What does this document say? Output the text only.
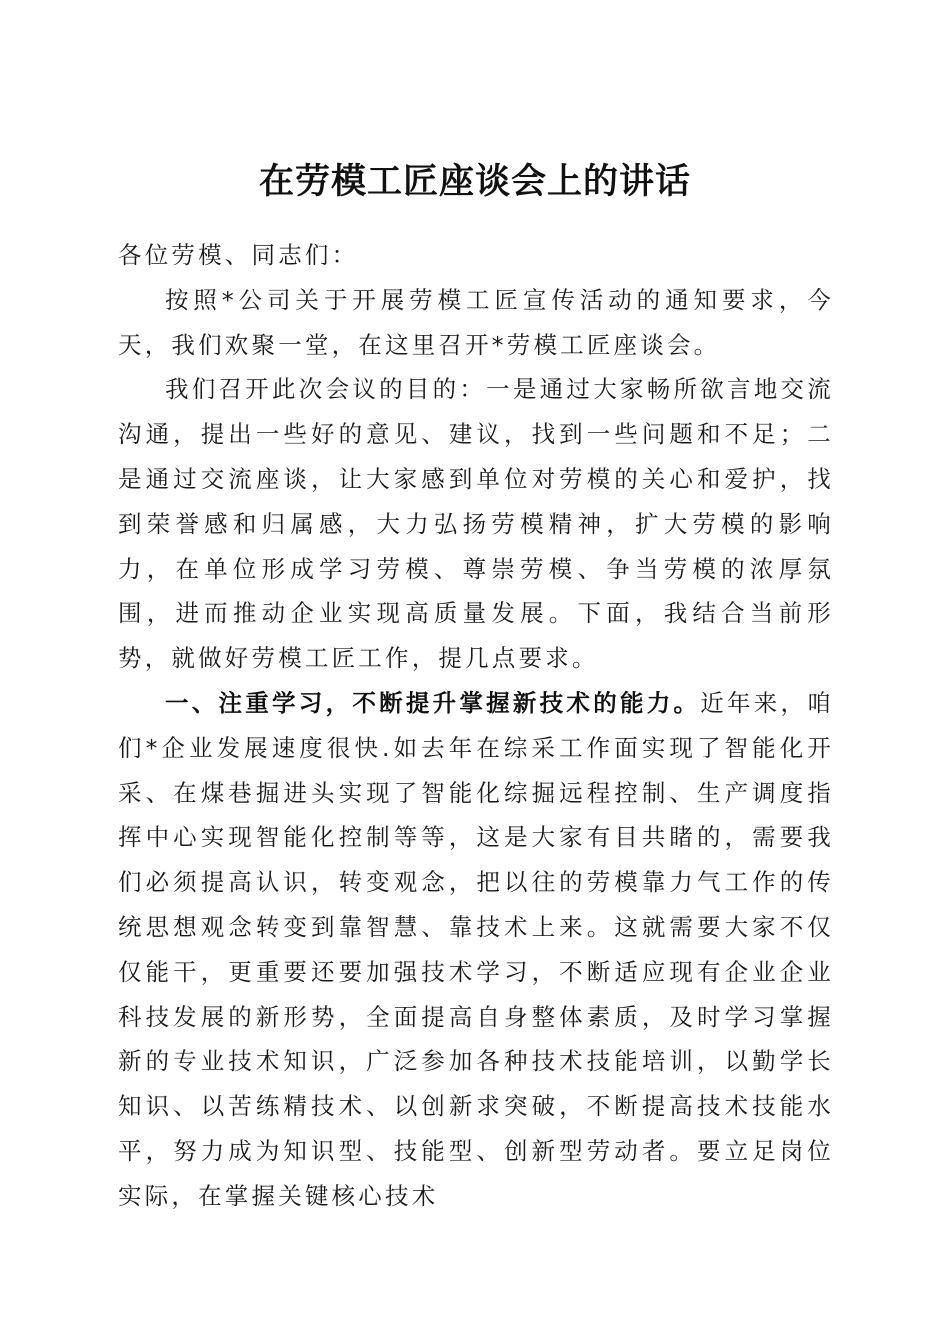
在劳模工匠座谈会上的讲话

各位劳模、同志们：

按照*公司关于开展劳模工匠宣传活动的通知要求，今天，我们欢聚一堂，在这里召开*劳模工匠座谈会。

我们召开此次会议的目的：一是通过大家畅所欲言地交流沟通，提出一些好的意见、建议，找到一些问题和不足；二是通过交流座谈，让大家感到单位对劳模的关心和爱护，找到荣誉感和归属感，大力弘扬劳模精神，扩大劳模的影响力，在单位形成学习劳模、尊崇劳模、争当劳模的浓厚氛围，进而推动企业实现高质量发展。下面，我结合当前形势，就做好劳模工匠工作，提几点要求。

一、注重学习，不断提升掌握新技术的能力。近年来，咱们*企业发展速度很快.如去年在综采工作面实现了智能化开采、在煤巷掘进头实现了智能化综掘远程控制、生产调度指挥中心实现智能化控制等等，这是大家有目共睹的，需要我们必须提高认识，转变观念，把以往的劳模靠力气工作的传统思想观念转变到靠智慧、靠技术上来。这就需要大家不仅仅能干，更重要还要加强技术学习，不断适应现有企业企业科技发展的新形势，全面提高自身整体素质，及时学习掌握新的专业技术知识，广泛参加各种技术技能培训，以勤学长知识、以苦练精技术、以创新求突破，不断提高技术技能水平，努力成为知识型、技能型、创新型劳动者。要立足岗位实际，在掌握关键核心技术
